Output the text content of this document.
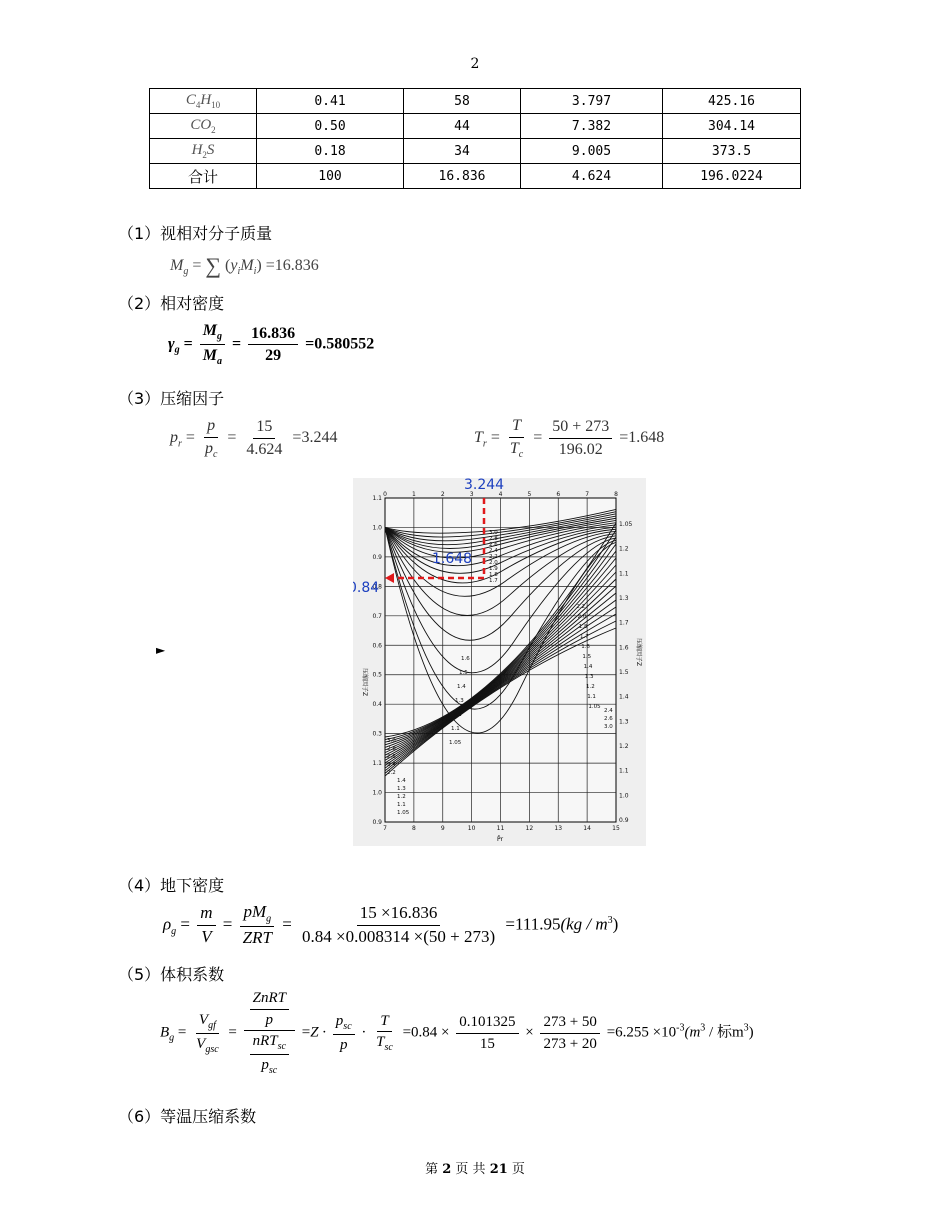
2
$C_4H_{10}$	0.41	58	3.797	425.16
$CO_2$	0.50	44	7.382	304.14
$H_2S$	0.18	34	9.005	373.5
合计	100	16.836	4.624	196.0224
（1）视相对分子质量
$M_g$ = ∑ $(y_iM_i) =16.836$
（2）相对密度
$\gamma_g = \frac{M_g}{M_a} = \frac{16.836}{29} =0.580552$
（3）压缩因子
$p_r = \frac{p}{p_c} = \frac{15}{4.624} =3.244$	$T_r = \frac{T}{T_c} = \frac{50 + 273}{196.02} =1.648$
►
0	1	2	3	4	5	6	7	8
7	8	9	10	11	12	13	14	15
1.1
1.0
0.9
0.8
0.7
0.6
0.5
0.4
0.3
1.1
1.0
0.9
1.05
1.2
1.1
1.3
1.7
1.6
1.5
1.4
1.3
1.2
1.1
1.0
0.9
3.0
2.8
2.6
2.4
2.2
2.0
1.9
1.8
1.7
1.6
1.5
1.4
1.3
1.2
1.1
1.05
3.0
2.8
2.6
2.4
2.2
1.4
1.3
1.2
1.1
1.05
2.4
2.6
3.0
1.05
1.1
1.2
1.3
1.4
1.5
1.6
1.7
1.8
2.0
2.2
压缩因子Z
压缩因子Z
P̄r
3.244
1.648
.84
（4）地下密度
$\rho_g = \frac{m}{V} = \frac{pM_g}{\text{ZRT}} = \frac{15 \times 16.836}{0.84 \times 0.008314 \times(50 + 273)} =111.95(kg / m^3)$
（5）体积系数
$B_g = \frac{V_{gf}}{V_{gsc}} = \frac{\frac{\text{ZnRT}}{p}}{\frac{nRT_{sc}}{p_{sc}}} =Z \cdot \frac{p_{sc}}{p} \cdot \frac{T}{T_{sc}} =0.84 \times \frac{0.101325}{15} \times \frac{273 + 50}{273 + 20} =6.255 \times 10^{-3}(m^3$ / 标$m^3$)
（6）等温压缩系数
第 2 页 共 21 页
